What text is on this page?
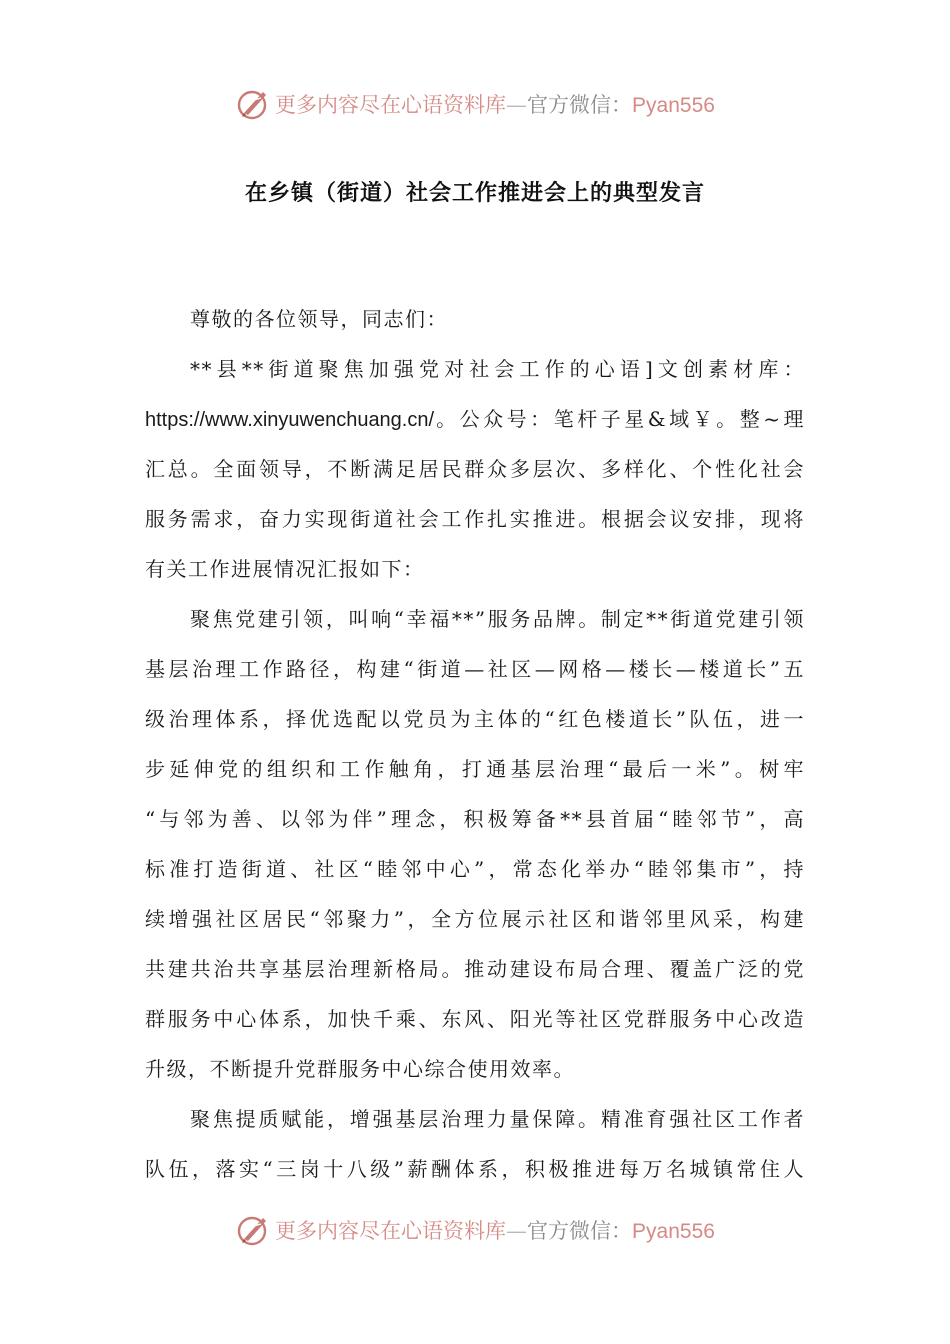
更多内容尽在心语资料库—官方微信：Pyan556
在乡镇（街道）社会工作推进会上的典型发言
尊敬的各位领导，同志们：
**县**街道聚焦加强党对社会工作的心语]文创素材库：
https://www.xinyuwenchuang.cn/。公众号：笔杆子星&域￥。整~理
汇总。全面领导，不断满足居民群众多层次、多样化、个性化社会
服务需求，奋力实现街道社会工作扎实推进。根据会议安排，现将
有关工作进展情况汇报如下：
聚焦党建引领，叫响“幸福**”服务品牌。制定**街道党建引领
基层治理工作路径，构建“街道—社区—网格—楼长—楼道长”五
级治理体系，择优选配以党员为主体的“红色楼道长”队伍，进一
步延伸党的组织和工作触角，打通基层治理“最后一米”。树牢
“与邻为善、以邻为伴”理念，积极筹备**县首届“睦邻节”，高
标准打造街道、社区“睦邻中心”，常态化举办“睦邻集市”，持
续增强社区居民“邻聚力”，全方位展示社区和谐邻里风采，构建
共建共治共享基层治理新格局。推动建设布局合理、覆盖广泛的党
群服务中心体系，加快千乘、东风、阳光等社区党群服务中心改造
升级，不断提升党群服务中心综合使用效率。
聚焦提质赋能，增强基层治理力量保障。精准育强社区工作者
队伍，落实“三岗十八级”薪酬体系，积极推进每万名城镇常住人
更多内容尽在心语资料库—官方微信：Pyan556
